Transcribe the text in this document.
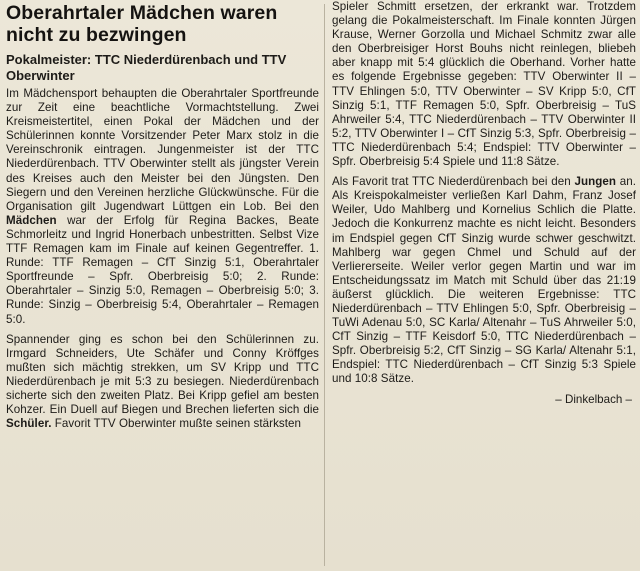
Oberahrtaler Mädchen waren nicht zu bezwingen
Pokalmeister: TTC Niederdürenbach und TTV Oberwinter

Im Mädchensport behaupten die Oberahrtaler Sportfreunde zur Zeit eine beachtliche Vormachtstellung. Zwei Kreismeistertitel, einen Pokal der Mädchen und der Schülerinnen konnte Vorsitzender Peter Marx stolz in die Vereinschronik eintragen. Jungenmeister ist der TTC Niederdürenbach. TTV Oberwinter stellt als jüngster Verein des Kreises auch den Meister bei den Jüngsten. Den Siegern und den Vereinen herzliche Glückwünsche. Für die Organisation gilt Jugendwart Lüttgen ein Lob. Bei den Mädchen war der Erfolg für Regina Backes, Beate Schmorleitz und Ingrid Honerbach unbestritten. Selbst Vize TTF Remagen kam im Finale auf keinen Gegentreffer. 1. Runde: TTF Remagen – CfT Sinzig 5:1, Oberahrtaler Sportfreunde – Spfr. Oberbreisig 5:0; 2. Runde: Oberahrtaler – Sinzig 5:0, Remagen – Oberbreisig 5:0; 3. Runde: Sinzig – Oberbreisig 5:4, Oberahrtaler – Remagen 5:0.

Spannender ging es schon bei den Schülerinnen zu. Irmgard Schneiders, Ute Schäfer und Conny Kröffges mußten sich mächtig strekken, um SV Kripp und TTC Niederdürenbach je mit 5:3 zu besiegen. Niederdürenbach sicherte sich den zweiten Platz. Bei Kripp gefiel am besten Kohzer. Ein Duell auf Biegen und Brechen lieferten sich die Schüler. Favorit TTV Oberwinter mußte seinen stärksten

Spieler Schmitt ersetzen, der erkrankt war. Trotzdem gelang die Pokalmeisterschaft. Im Finale konnten Jürgen Krause, Werner Gorzolla und Michael Schmitz zwar alle den Oberbreisiger Horst Bouhs nicht reinlegen, bliebeh aber knapp mit 5:4 glücklich die Oberhand. Vorher hatte es folgende Ergebnisse gegeben: TTV Oberwinter II – TTV Ehlingen 5:0, TTV Oberwinter – SV Kripp 5:0, CfT Sinzig 5:1, TTF Remagen 5:0, Spfr. Oberbreisig – TuS Ahrweiler 5:4, TTC Niederdürenbach – TTV Oberwinter II 5:2, TTV Oberwinter I – CfT Sinzig 5:3, Spfr. Oberbreisig – TTC Niederdürenbach 5:4; Endspiel: TTV Oberwinter – Spfr. Oberbreisig 5:4 Spiele und 11:8 Sätze.

Als Favorit trat TTC Niederdürenbach bei den Jungen an. Als Kreispokalmeister verließen Karl Dahm, Franz Josef Weiler, Udo Mahlberg und Kornelius Schlich die Platte. Jedoch die Konkurrenz machte es nicht leicht. Besonders im Endspiel gegen CfT Sinzig wurde schwer geschwitzt. Mahlberg war gegen Chmel und Schuld auf der Verliererseite. Weiler verlor gegen Martin und war im Entscheidungssatz im Match mit Schuld über das 21:19 äußerst glücklich. Die weiteren Ergebnisse: TTC Niederdürenbach – TTV Ehlingen 5:0, Spfr. Oberbreisig – TuWi Adenau 5:0, SC Karla/ Altenahr – TuS Ahrweiler 5:0, CfT Sinzig – TTF Keisdorf 5:0, TTC Niederdürenbach – Spfr. Oberbreisig 5:2, CfT Sinzig – SG Karla/ Altenahr 5:1, Endspiel: TTC Niederdürenbach – CfT Sinzig 5:3 Spiele und 10:8 Sätze.

– Dinkelbach –
